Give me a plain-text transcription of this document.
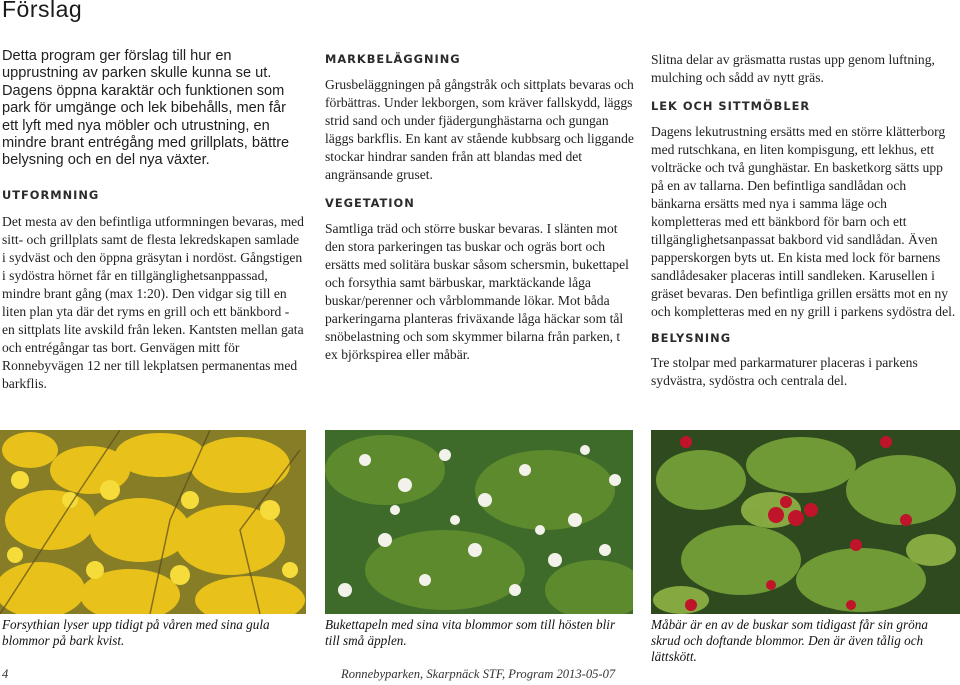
Förslag

Detta program ger förslag till hur en upprustning av parken skulle kunna se ut. Dagens öppna karaktär och funktionen som park för umgänge och lek bibehålls, men får ett lyft med nya möbler och utrustning, en mindre brant entrégång med grillplats, bättre belysning och en del nya växter.

UTFORMNING

Det mesta av den befintliga utformningen bevaras, med sitt- och grillplats samt de flesta lekredskapen samlade i sydväst och den öppna gräsytan i nordöst. Gångstigen i sydöstra hörnet får en tillgänglighetsanppassad, mindre brant gång (max 1:20). Den vidgar sig till en liten plan yta där det ryms en grill och ett bänkbord - en sittplats lite avskild från leken. Kantsten mellan gata och entrégångar tas bort. Genvägen mitt för Ronnebyvägen 12 ner till lekplatsen permanentas med barkflis.

MARKBELÄGGNING

Grusbeläggningen på gångstråk och sittplats bevaras och förbättras. Under lekborgen, som kräver fallskydd, läggs strid sand och under fjädergunghästarna och gungan läggs barkflis. En kant av stående kubbsarg och liggande stockar hindrar sanden från att blandas med det angränsande gruset.

VEGETATION

Samtliga träd och större buskar bevaras. I slänten mot den stora parkeringen tas buskar och ogräs bort och ersätts med solitära buskar såsom schersmin, bukettapel och forsythia samt bärbuskar, marktäckande låga buskar/perenner och vårblommande lökar. Mot båda parkeringarna planteras friväxande låga häckar som tål snöbelastning och som skymmer bilarna från parken, t ex björkspirea eller måbär.

Slitna delar av gräsmatta rustas upp genom luftning, mulching och sådd av nytt gräs.

LEK OCH SITTMÖBLER

Dagens lekutrustning ersätts med en större klätterborg med rutschkana, en liten kompisgung, ett lekhus, ett volträcke och två gunghästar. En basketkorg sätts upp på en av tallarna. Den befintliga sandlådan och bänkarna ersätts med nya i samma läge och kompletteras med ett bänkbord för barn och ett tillgänglighetsanpassat bakbord vid sandlådan. Även papperskorgen byts ut. En kista med lock för barnens sandlådesaker placeras intill sandleken. Karusellen i gräset bevaras. Den befintliga grillen ersätts mot en ny och kompletteras med en ny grill i parkens sydöstra del.

BELYSNING

Tre stolpar med parkarmaturer placeras i parkens sydvästra, sydöstra och centrala del.

Forsythian lyser upp tidigt på våren med sina gula blommor på bark kvist.
Bukettapeln med sina vita blommor som till hösten blir till små äpplen.
Måbär är en av de buskar som tidigast får sin gröna skrud och doftande blommor. Den är även tålig och lättskött.
4	Ronnebyparken, Skarpnäck STF, Program 2013-05-07
